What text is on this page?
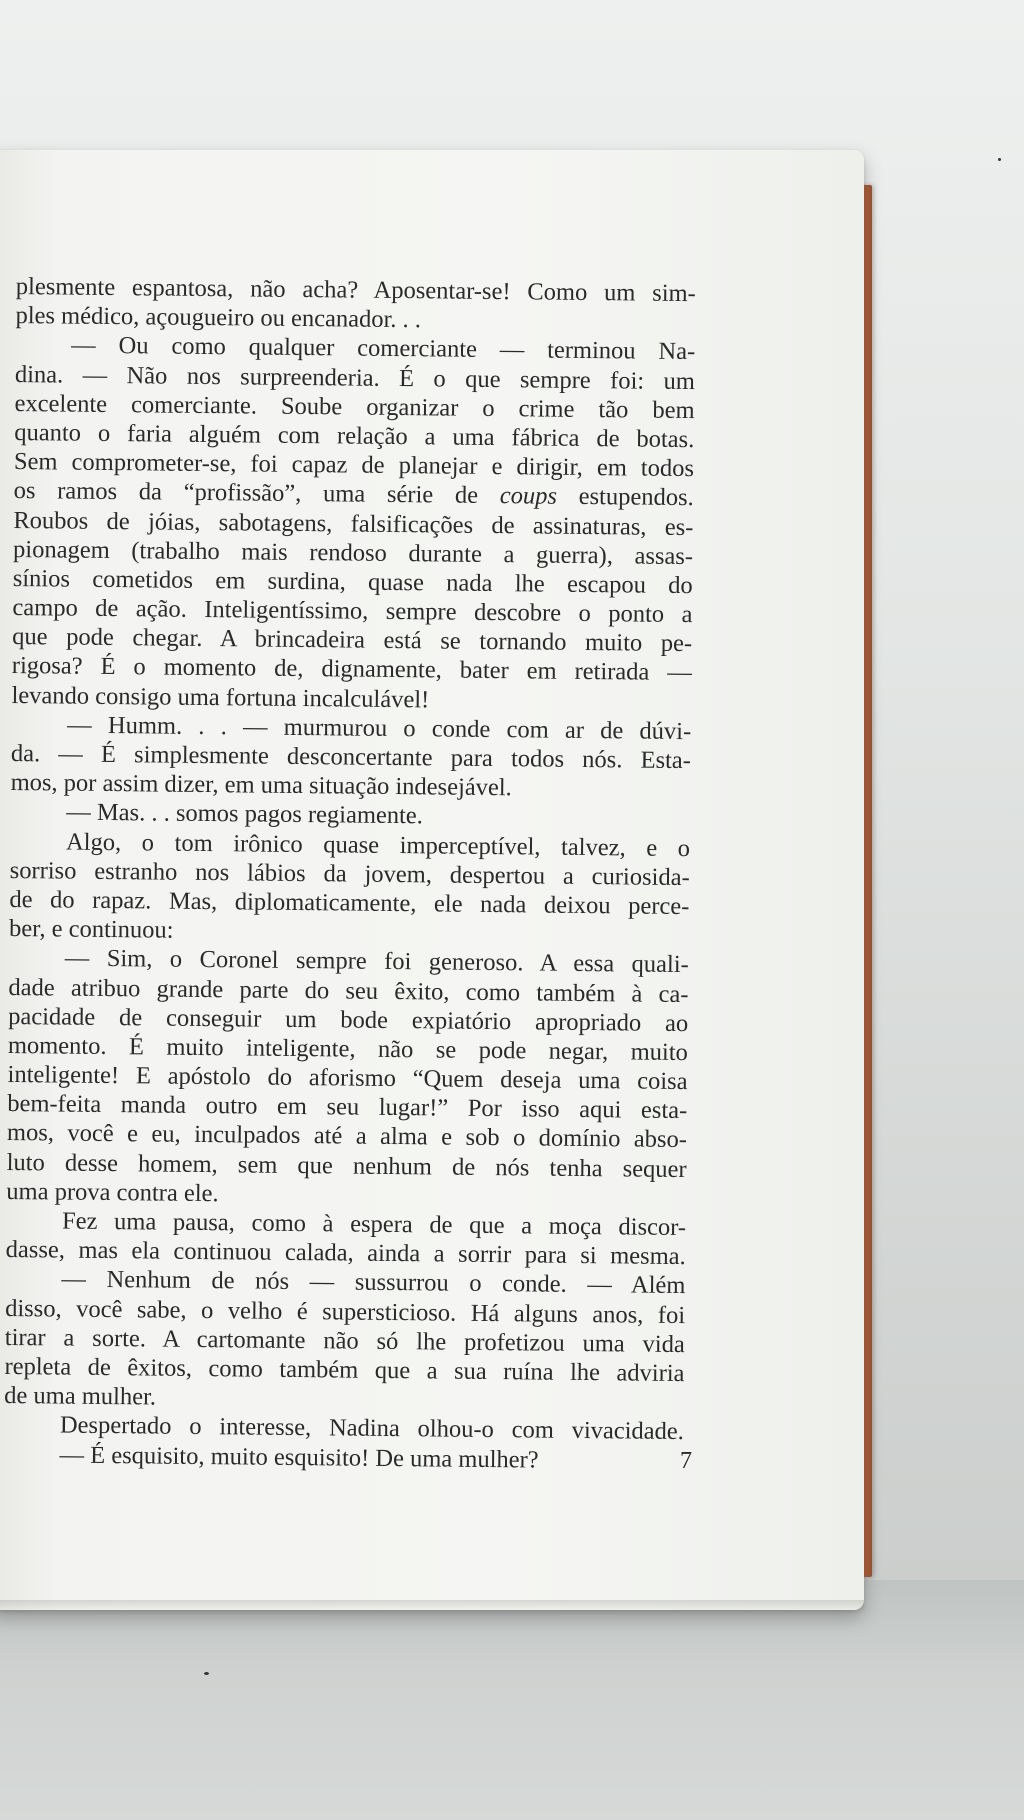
plesmente espantosa, não acha? Aposentar-se! Como um sim-
ples médico, açougueiro ou encanador. . .
— Ou como qualquer comerciante — terminou Na-
dina. — Não nos surpreenderia. É o que sempre foi: um
excelente comerciante. Soube organizar o crime tão bem
quanto o faria alguém com relação a uma fábrica de botas.
Sem comprometer-se, foi capaz de planejar e dirigir, em todos
os ramos da “profissão”, uma série de coups estupendos.
Roubos de jóias, sabotagens, falsificações de assinaturas, es-
pionagem (trabalho mais rendoso durante a guerra), assas-
sínios cometidos em surdina, quase nada lhe escapou do
campo de ação. Inteligentíssimo, sempre descobre o ponto a
que pode chegar. A brincadeira está se tornando muito pe-
rigosa? É o momento de, dignamente, bater em retirada —
levando consigo uma fortuna incalculável!
— Humm. . . — murmurou o conde com ar de dúvi-
da. — É simplesmente desconcertante para todos nós. Esta-
mos, por assim dizer, em uma situação indesejável.
— Mas. . . somos pagos regiamente.
Algo, o tom irônico quase imperceptível, talvez, e o
sorriso estranho nos lábios da jovem, despertou a curiosida-
de do rapaz. Mas, diplomaticamente, ele nada deixou perce-
ber, e continuou:
— Sim, o Coronel sempre foi generoso. A essa quali-
dade atribuo grande parte do seu êxito, como também à ca-
pacidade de conseguir um bode expiatório apropriado ao
momento. É muito inteligente, não se pode negar, muito
inteligente! E apóstolo do aforismo “Quem deseja uma coisa
bem-feita manda outro em seu lugar!” Por isso aqui esta-
mos, você e eu, inculpados até a alma e sob o domínio abso-
luto desse homem, sem que nenhum de nós tenha sequer
uma prova contra ele.
Fez uma pausa, como à espera de que a moça discor-
dasse, mas ela continuou calada, ainda a sorrir para si mesma.
— Nenhum de nós — sussurrou o conde. — Além
disso, você sabe, o velho é supersticioso. Há alguns anos, foi
tirar a sorte. A cartomante não só lhe profetizou uma vida
repleta de êxitos, como também que a sua ruína lhe adviria
de uma mulher.
Despertado o interesse, Nadina olhou-o com vivacidade.
— É esquisito, muito esquisito! De uma mulher?	7
